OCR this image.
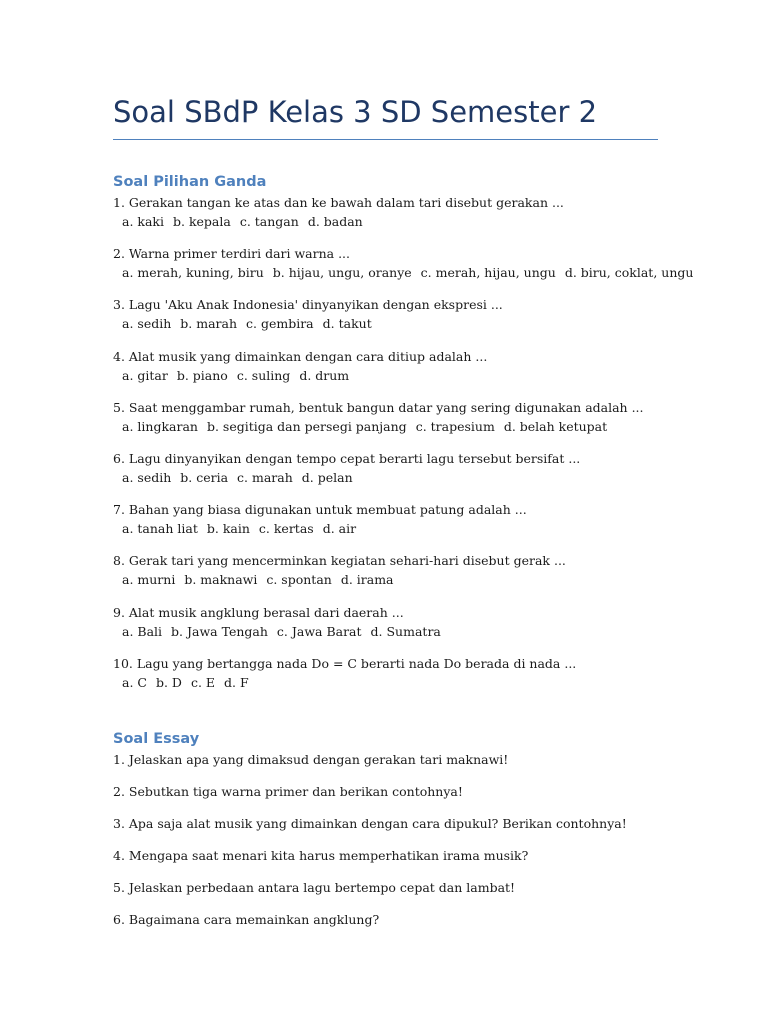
Soal SBdP Kelas 3 SD Semester 2
Soal Pilihan Ganda
1. Gerakan tangan ke atas dan ke bawah dalam tari disebut gerakan ...
a. kaki b. kepala c. tangan d. badan
2. Warna primer terdiri dari warna ...
a. merah, kuning, biru b. hijau, ungu, oranye c. merah, hijau, ungu d. biru, coklat, ungu
3. Lagu 'Aku Anak Indonesia' dinyanyikan dengan ekspresi ...
a. sedih b. marah c. gembira d. takut
4. Alat musik yang dimainkan dengan cara ditiup adalah ...
a. gitar b. piano c. suling d. drum
5. Saat menggambar rumah, bentuk bangun datar yang sering digunakan adalah ...
a. lingkaran b. segitiga dan persegi panjang c. trapesium d. belah ketupat
6. Lagu dinyanyikan dengan tempo cepat berarti lagu tersebut bersifat ...
a. sedih b. ceria c. marah d. pelan
7. Bahan yang biasa digunakan untuk membuat patung adalah ...
a. tanah liat b. kain c. kertas d. air
8. Gerak tari yang mencerminkan kegiatan sehari-hari disebut gerak ...
a. murni b. maknawi c. spontan d. irama
9. Alat musik angklung berasal dari daerah ...
a. Bali b. Jawa Tengah c. Jawa Barat d. Sumatra
10. Lagu yang bertangga nada Do = C berarti nada Do berada di nada ...
a. C b. D c. E d. F
Soal Essay
1. Jelaskan apa yang dimaksud dengan gerakan tari maknawi!
2. Sebutkan tiga warna primer dan berikan contohnya!
3. Apa saja alat musik yang dimainkan dengan cara dipukul? Berikan contohnya!
4. Mengapa saat menari kita harus memperhatikan irama musik?
5. Jelaskan perbedaan antara lagu bertempo cepat dan lambat!
6. Bagaimana cara memainkan angklung?
